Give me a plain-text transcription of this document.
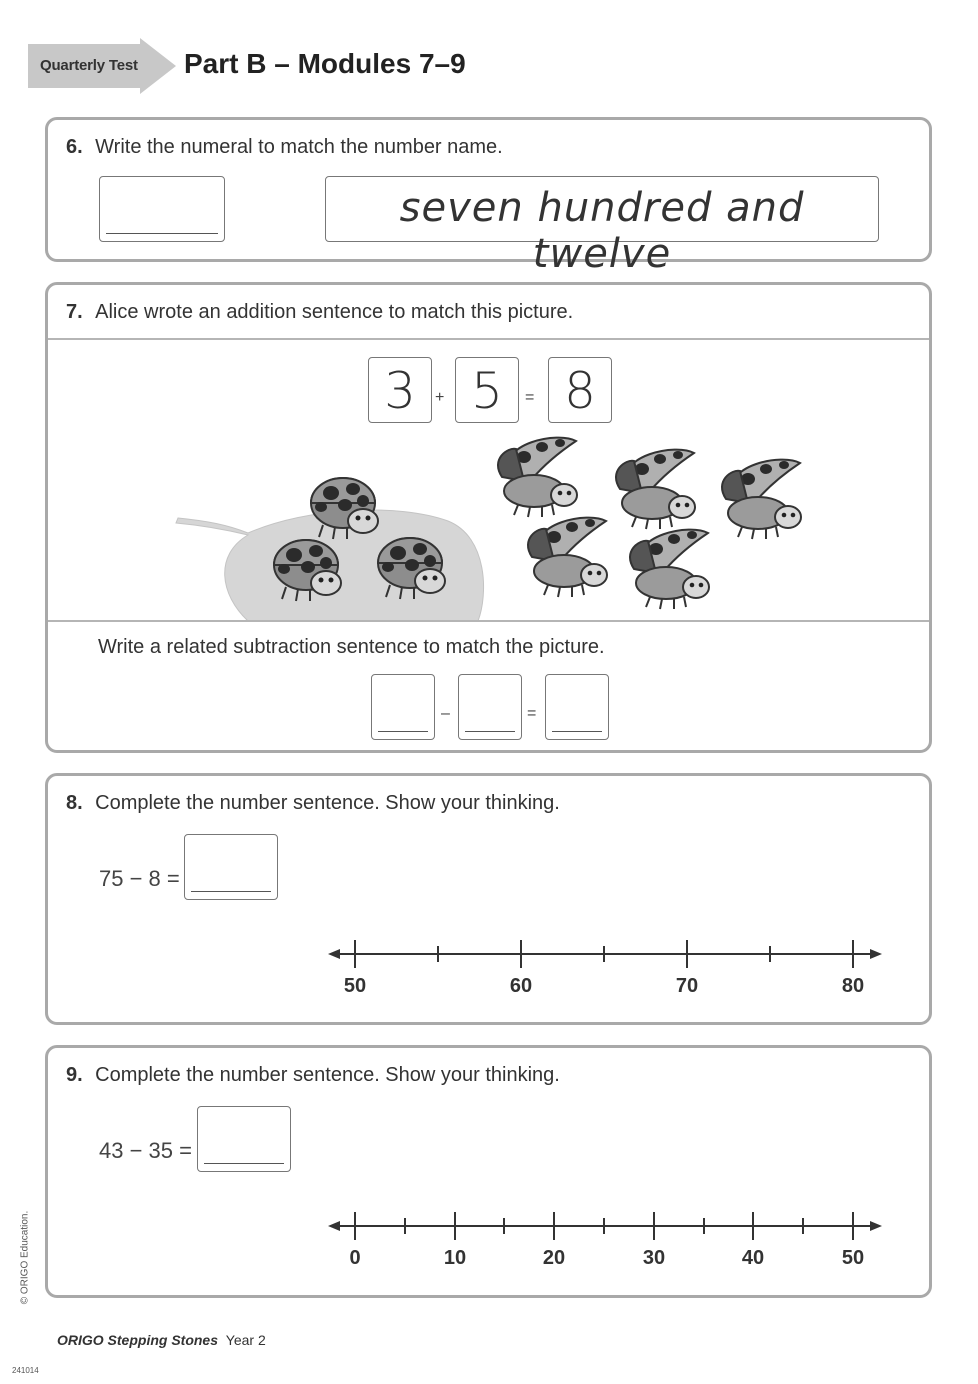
Quarterly Test Part B – Modules 7–9
6. Write the numeral to match the number name.
seven hundred and twelve
7. Alice wrote an addition sentence to match this picture.
3	+ 5	= 8
Write a related subtraction sentence to match the picture.
–	=
8. Complete the number sentence. Show your thinking.
75 − 8 =
50	60	70	80
9. Complete the number sentence. Show your thinking.
43 − 35 =
0	10	20	30	40	50
© ORIGO Education.
ORIGO Stepping Stones Year 2
241014
